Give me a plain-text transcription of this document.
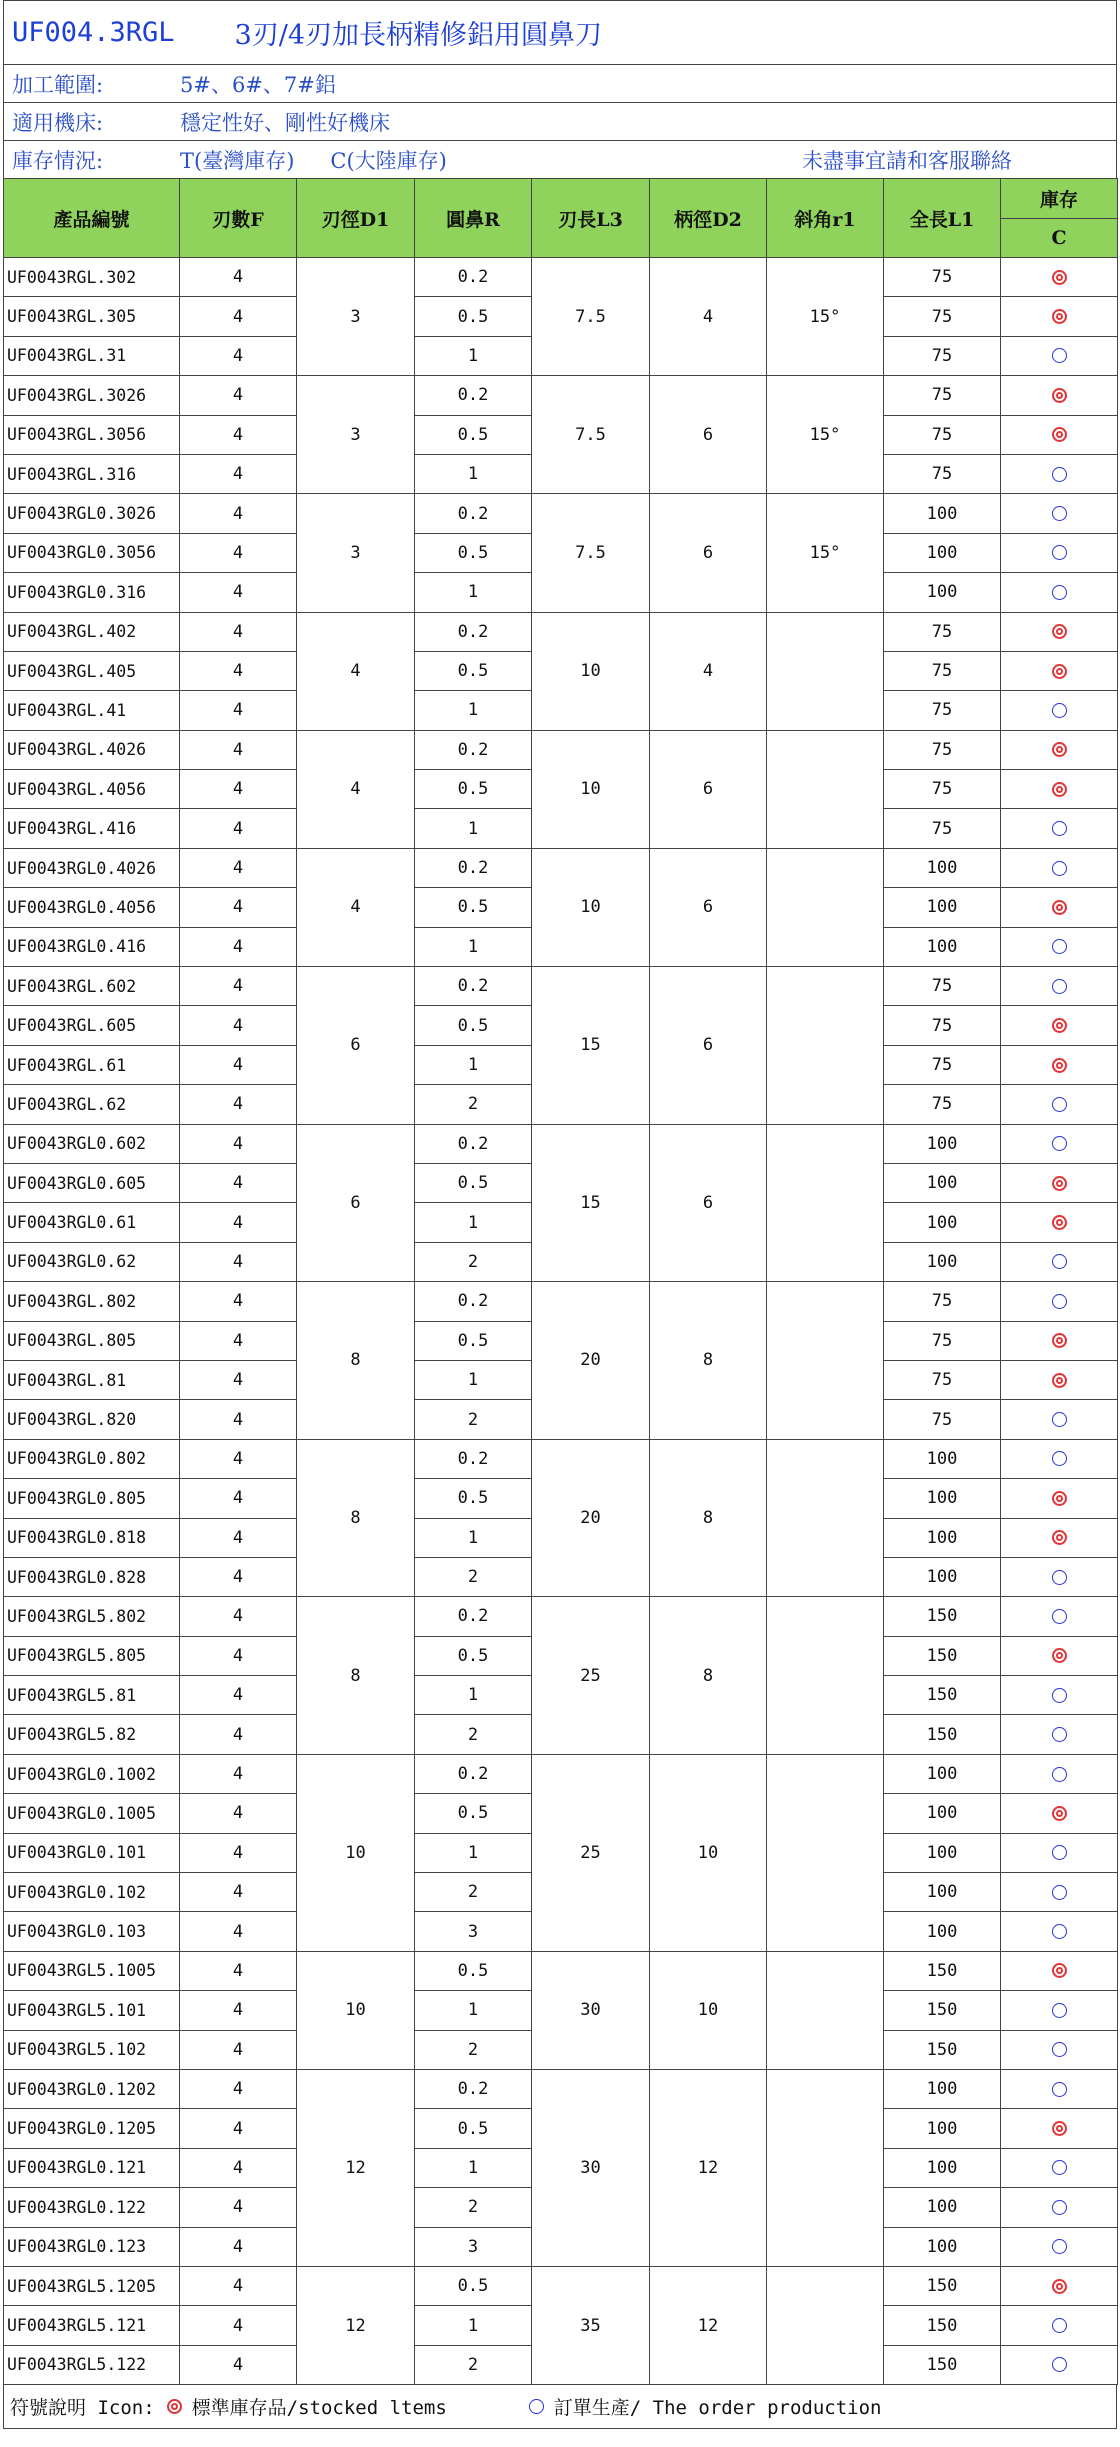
UF004.3RGL 3刃/4刃加長柄精修鋁用圓鼻刀
加工範圍:	5#、6#、7#鋁
適用機床:	穩定性好、剛性好機床
庫存情況:	T(臺灣庫存) C(大陸庫存)	未盡事宜請和客服聯絡
產品編號	刃數F	刃徑D1	圓鼻R	刃長L3	柄徑D2	斜角r1	全長L1	庫存
								C
UF0043RGL.302	4	3	0.2	7.5	4	15°	75	
UF0043RGL.305	4		0.5				75	
UF0043RGL.31	4		1				75	
UF0043RGL.3026	4	3	0.2	7.5	6	15°	75	
UF0043RGL.3056	4		0.5				75	
UF0043RGL.316	4		1				75	
UF0043RGL0.3026	4	3	0.2	7.5	6	15°	100	
UF0043RGL0.3056	4		0.5				100	
UF0043RGL0.316	4		1				100	
UF0043RGL.402	4	4	0.2	10	4		75	
UF0043RGL.405	4		0.5				75	
UF0043RGL.41	4		1				75	
UF0043RGL.4026	4	4	0.2	10	6		75	
UF0043RGL.4056	4		0.5				75	
UF0043RGL.416	4		1				75	
UF0043RGL0.4026	4	4	0.2	10	6		100	
UF0043RGL0.4056	4		0.5				100	
UF0043RGL0.416	4		1				100	
UF0043RGL.602	4	6	0.2	15	6		75	
UF0043RGL.605	4		0.5				75	
UF0043RGL.61	4		1				75	
UF0043RGL.62	4		2				75	
UF0043RGL0.602	4	6	0.2	15	6		100	
UF0043RGL0.605	4		0.5				100	
UF0043RGL0.61	4		1				100	
UF0043RGL0.62	4		2				100	
UF0043RGL.802	4	8	0.2	20	8		75	
UF0043RGL.805	4		0.5				75	
UF0043RGL.81	4		1				75	
UF0043RGL.820	4		2				75	
UF0043RGL0.802	4	8	0.2	20	8		100	
UF0043RGL0.805	4		0.5				100	
UF0043RGL0.818	4		1				100	
UF0043RGL0.828	4		2				100	
UF0043RGL5.802	4	8	0.2	25	8		150	
UF0043RGL5.805	4		0.5				150	
UF0043RGL5.81	4		1				150	
UF0043RGL5.82	4		2				150	
UF0043RGL0.1002	4	10	0.2	25	10		100	
UF0043RGL0.1005	4		0.5				100	
UF0043RGL0.101	4		1				100	
UF0043RGL0.102	4		2				100	
UF0043RGL0.103	4		3				100	
UF0043RGL5.1005	4	10	0.5	30	10		150	
UF0043RGL5.101	4		1				150	
UF0043RGL5.102	4		2				150	
UF0043RGL0.1202	4	12	0.2	30	12		100	
UF0043RGL0.1205	4		0.5				100	
UF0043RGL0.121	4		1				100	
UF0043RGL0.122	4		2				100	
UF0043RGL0.123	4		3				100	
UF0043RGL5.1205	4	12	0.5	35	12		150	
UF0043RGL5.121	4		1				150	
UF0043RGL5.122	4		2				150	
符號說明 Icon: 標準庫存品/stocked ltems	訂單生產/ The order production
